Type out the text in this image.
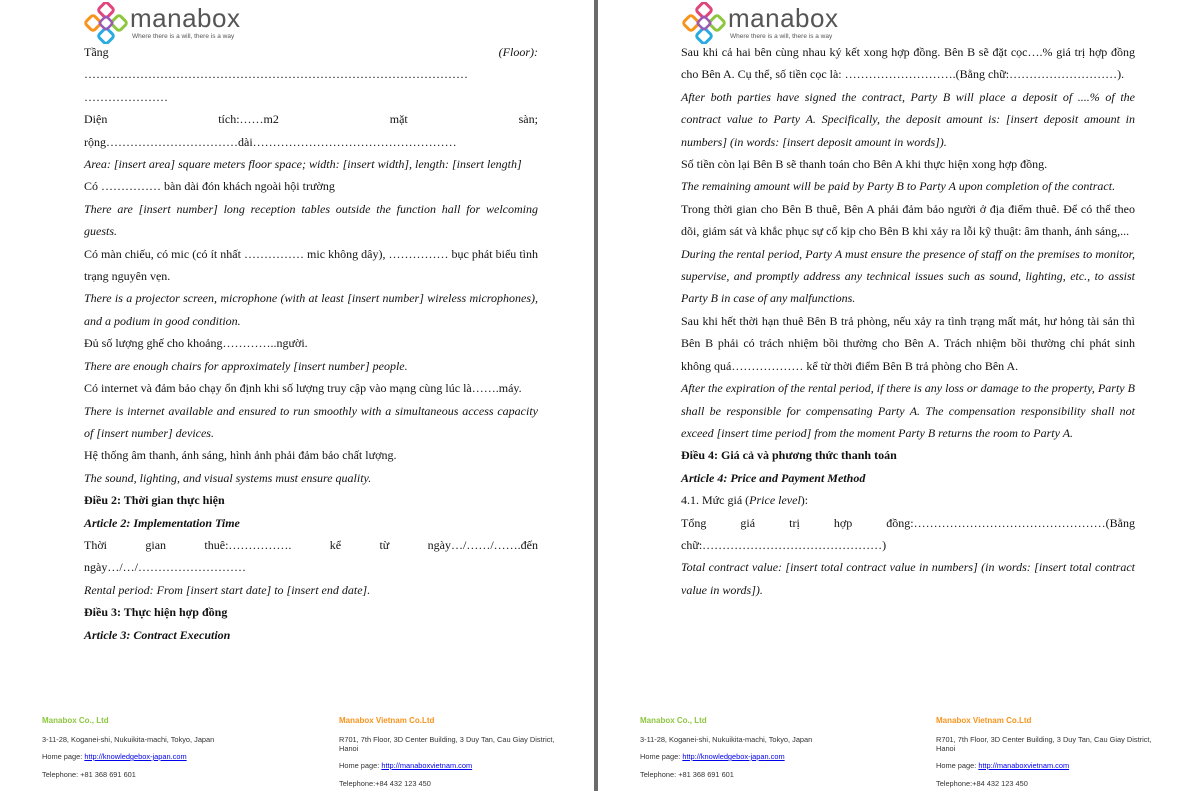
manabox
Where there is a will, there is a way
Tầng	(Floor):

……………………………………………………………………………………

…………………

Diện	tích:……m2	mặt	sàn;

rộng……………………………dài……………………………………………

Area: [insert area] square meters floor space; width: [insert width], length: [insert length]

Có …………… bàn dài đón khách ngoài hội trường

There are [insert number] long reception tables outside the function hall for welcoming guests.

Có màn chiếu, có mic (có ít nhất …………… mic không dây), …………… bục phát biểu tình trạng nguyên vẹn.

There is a projector screen, microphone (with at least [insert number] wireless microphones), and a podium in good condition.

Đủ số lượng ghế cho khoảng…………..người.

There are enough chairs for approximately [insert number] people.

Có internet và đảm bảo chạy ổn định khi số lượng truy cập vào mạng cùng lúc là…….máy.

There is internet available and ensured to run smoothly with a simultaneous access capacity of [insert number] devices.

Hệ thống âm thanh, ánh sáng, hình ảnh phải đảm bảo chất lượng.

The sound, lighting, and visual systems must ensure quality.

Điều 2: Thời gian thực hiện

Article 2: Implementation Time

Thời	gian	thuê:…………….	kể	từ	ngày…/……/…….đến

ngày…/…/………………………

Rental period: From [insert start date] to [insert end date].

Điều 3: Thực hiện hợp đồng

Article 3: Contract Execution

Manabox Co., Ltd
3-11-28, Koganei-shi, Nukuikita-machi, Tokyo, Japan
Home page: http://knowledgebox-japan.com
Telephone: +81 368 691 601
Manabox Vietnam Co.Ltd
R701, 7th Floor, 3D Center Building, 3 Duy Tan, Cau Giay District,
Hanoi
Home page: http://manaboxvietnam.com
Telephone:+84 432 123 450
manabox
Where there is a will, there is a way

Sau khi cả hai bên cùng nhau ký kết xong hợp đồng. Bên B sẽ đặt cọc….% giá trị hợp đồng cho Bên A. Cụ thể, số tiền cọc là: ……………………….(Bằng chữ:………………………).

After both parties have signed the contract, Party B will place a deposit of ....% of the contract value to Party A. Specifically, the deposit amount is: [insert deposit amount in numbers] (in words: [insert deposit amount in words]).

Số tiền còn lại Bên B sẽ thanh toán cho Bên A khi thực hiện xong hợp đồng.

The remaining amount will be paid by Party B to Party A upon completion of the contract.

Trong thời gian cho Bên B thuê, Bên A phải đảm bảo người ở địa điểm thuê. Để có thể theo dõi, giám sát và khắc phục sự cố kịp cho Bên B khi xảy ra lỗi kỹ thuật: âm thanh, ánh sáng,...

During the rental period, Party A must ensure the presence of staff on the premises to monitor, supervise, and promptly address any technical issues such as sound, lighting, etc., to assist Party B in case of any malfunctions.

Sau khi hết thời hạn thuê Bên B trả phòng, nếu xảy ra tình trạng mất mát, hư hỏng tài sản thì Bên B phải có trách nhiệm bồi thường cho Bên A. Trách nhiệm bồi thường chỉ phát sinh không quá……………… kể từ thời điểm Bên B trả phòng cho Bên A.

After the expiration of the rental period, if there is any loss or damage to the property, Party B shall be responsible for compensating Party A. The compensation responsibility shall not exceed [insert time period] from the moment Party B returns the room to Party A.

Điều 4: Giá cả và phương thức thanh toán

Article 4: Price and Payment Method

4.1. Mức giá (Price level):

Tổng	giá	trị	hợp	đồng:…………………………………………(Bằng

chữ:………………………………………)

Total contract value: [insert total contract value in numbers] (in words: [insert total contract value in words]).

Manabox Co., Ltd
3-11-28, Koganei-shi, Nukuikita-machi, Tokyo, Japan
Home page: http://knowledgebox-japan.com
Telephone: +81 368 691 601
Manabox Vietnam Co.Ltd
R701, 7th Floor, 3D Center Building, 3 Duy Tan, Cau Giay District,
Hanoi
Home page: http://manaboxvietnam.com
Telephone:+84 432 123 450
